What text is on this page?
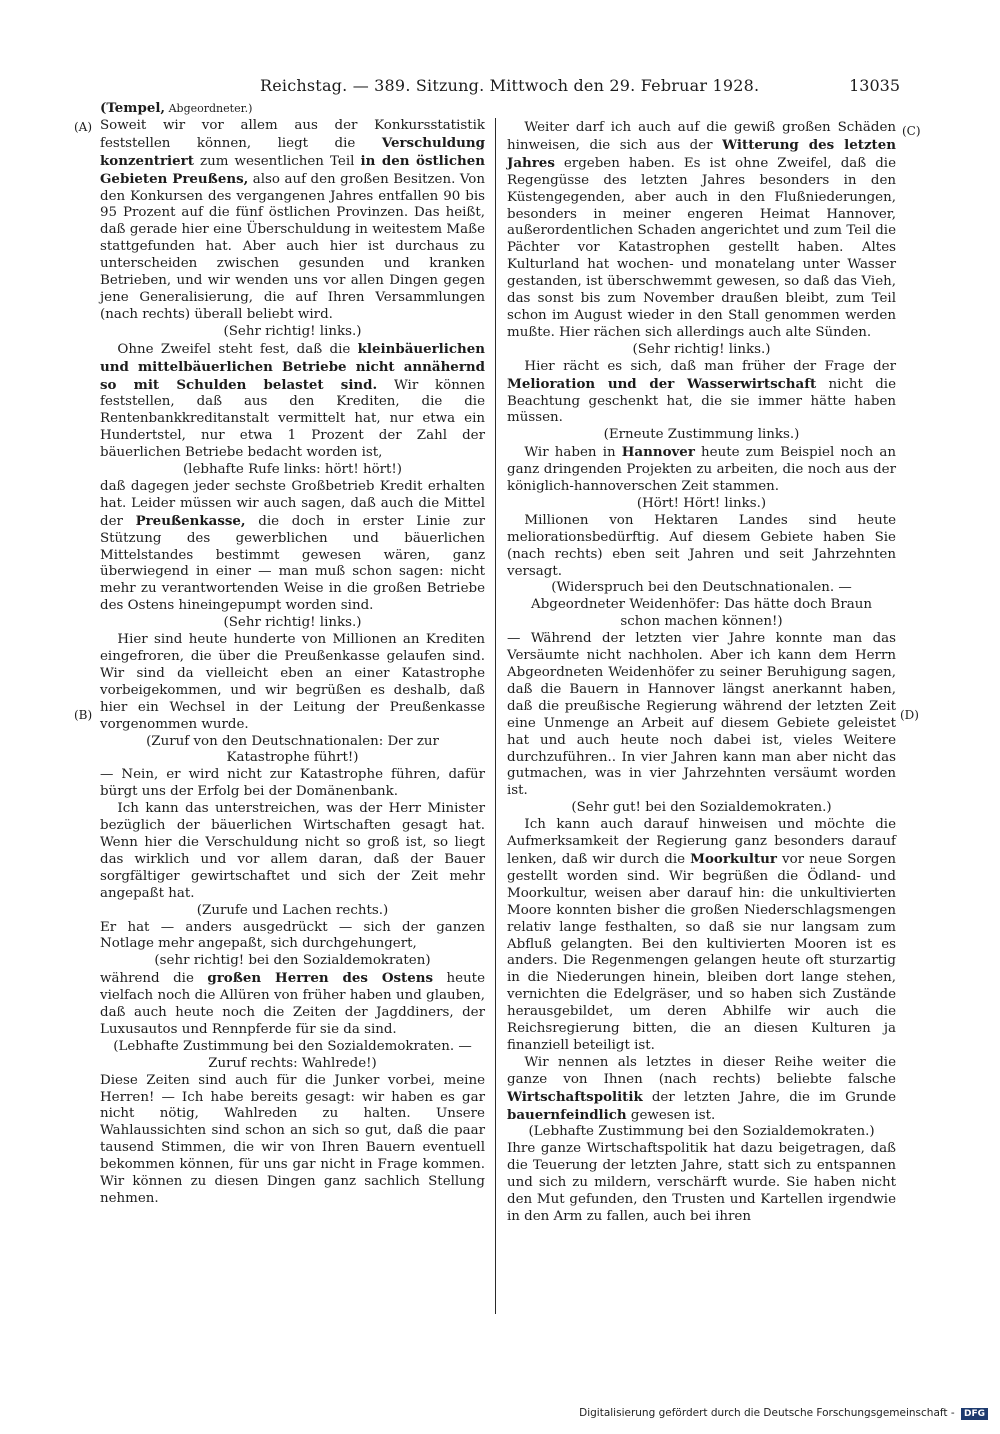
Reichstag. — 389. Sitzung. Mittwoch den 29. Februar 1928.	13035
(A)
(B)
(C)
(D)

(Tempel, Abgeordneter.)

Soweit wir vor allem aus der Konkursstatistik feststellen können, liegt die Verschuldung konzentriert zum wesentlichen Teil in den östlichen Gebieten Preußens, also auf den großen Besitzen. Von den Konkursen des vergangenen Jahres entfallen 90 bis 95 Prozent auf die fünf östlichen Provinzen. Das heißt, daß gerade hier eine Überschuldung in weitestem Maße stattgefunden hat. Aber auch hier ist durchaus zu unterscheiden zwischen gesunden und kranken Betrieben, und wir wenden uns vor allen Dingen gegen jene Generalisierung, die auf Ihren Versammlungen (nach rechts) überall beliebt wird.

(Sehr richtig! links.)

Ohne Zweifel steht fest, daß die kleinbäuerlichen und mittelbäuerlichen Betriebe nicht annähernd so mit Schulden belastet sind. Wir können feststellen, daß aus den Krediten, die die Rentenbankkreditanstalt vermittelt hat, nur etwa ein Hundertstel, nur etwa 1 Prozent der Zahl der bäuerlichen Betriebe bedacht worden ist,

(lebhafte Rufe links: hört! hört!)

daß dagegen jeder sechste Großbetrieb Kredit erhalten hat. Leider müssen wir auch sagen, daß auch die Mittel der Preußenkasse, die doch in erster Linie zur Stützung des gewerblichen und bäuerlichen Mittelstandes bestimmt gewesen wären, ganz überwiegend in einer — man muß schon sagen: nicht mehr zu verantwortenden Weise in die großen Betriebe des Ostens hineingepumpt worden sind.

(Sehr richtig! links.)

Hier sind heute hunderte von Millionen an Krediten eingefroren, die über die Preußenkasse gelaufen sind. Wir sind da vielleicht eben an einer Katastrophe vorbeigekommen, und wir begrüßen es deshalb, daß hier ein Wechsel in der Leitung der Preußenkasse vorgenommen wurde.

(Zuruf von den Deutschnationalen: Der zur Katastrophe führt!)

— Nein, er wird nicht zur Katastrophe führen, dafür bürgt uns der Erfolg bei der Domänenbank.

Ich kann das unterstreichen, was der Herr Minister bezüglich der bäuerlichen Wirtschaften gesagt hat. Wenn hier die Verschuldung nicht so groß ist, so liegt das wirklich und vor allem daran, daß der Bauer sorgfältiger gewirtschaftet und sich der Zeit mehr angepaßt hat.

(Zurufe und Lachen rechts.)

Er hat — anders ausgedrückt — sich der ganzen Notlage mehr angepaßt, sich durchgehungert,

(sehr richtig! bei den Sozialdemokraten)

während die großen Herren des Ostens heute vielfach noch die Allüren von früher haben und glauben, daß auch heute noch die Zeiten der Jagddiners, der Luxusautos und Rennpferde für sie da sind.

(Lebhafte Zustimmung bei den Sozialdemokraten. — Zuruf rechts: Wahlrede!)

Diese Zeiten sind auch für die Junker vorbei, meine Herren! — Ich habe bereits gesagt: wir haben es gar nicht nötig, Wahlreden zu halten. Unsere Wahlaussichten sind schon an sich so gut, daß die paar tausend Stimmen, die wir von Ihren Bauern eventuell bekommen können, für uns gar nicht in Frage kommen. Wir können zu diesen Dingen ganz sachlich Stellung nehmen.

Weiter darf ich auch auf die gewiß großen Schäden hinweisen, die sich aus der Witterung des letzten Jahres ergeben haben. Es ist ohne Zweifel, daß die Regengüsse des letzten Jahres besonders in den Küstengegenden, aber auch in den Flußniederungen, besonders in meiner engeren Heimat Hannover, außerordentlichen Schaden angerichtet und zum Teil die Pächter vor Katastrophen gestellt haben. Altes Kulturland hat wochen- und monatelang unter Wasser gestanden, ist überschwemmt gewesen, so daß das Vieh, das sonst bis zum November draußen bleibt, zum Teil schon im August wieder in den Stall genommen werden mußte. Hier rächen sich allerdings auch alte Sünden.

(Sehr richtig! links.)

Hier rächt es sich, daß man früher der Frage der Melioration und der Wasserwirtschaft nicht die Beachtung geschenkt hat, die sie immer hätte haben müssen.

(Erneute Zustimmung links.)

Wir haben in Hannover heute zum Beispiel noch an ganz dringenden Projekten zu arbeiten, die noch aus der königlich-hannoverschen Zeit stammen.

(Hört! Hört! links.)

Millionen von Hektaren Landes sind heute meliorationsbedürftig. Auf diesem Gebiete haben Sie (nach rechts) eben seit Jahren und seit Jahrzehnten versagt.

(Widerspruch bei den Deutschnationalen. — Abgeordneter Weidenhöfer: Das hätte doch Braun schon machen können!)

— Während der letzten vier Jahre konnte man das Versäumte nicht nachholen. Aber ich kann dem Herrn Abgeordneten Weidenhöfer zu seiner Beruhigung sagen, daß die Bauern in Hannover längst anerkannt haben, daß die preußische Regierung während der letzten Zeit eine Unmenge an Arbeit auf diesem Gebiete geleistet hat und auch heute noch dabei ist, vieles Weitere durchzuführen.. In vier Jahren kann man aber nicht das gutmachen, was in vier Jahrzehnten versäumt worden ist.

(Sehr gut! bei den Sozialdemokraten.)

Ich kann auch darauf hinweisen und möchte die Aufmerksamkeit der Regierung ganz besonders darauf lenken, daß wir durch die Moorkultur vor neue Sorgen gestellt worden sind. Wir begrüßen die Ödland- und Moorkultur, weisen aber darauf hin: die unkultivierten Moore konnten bisher die großen Niederschlagsmengen relativ lange festhalten, so daß sie nur langsam zum Abfluß gelangten. Bei den kultivierten Mooren ist es anders. Die Regenmengen gelangen heute oft sturzartig in die Niederungen hinein, bleiben dort lange stehen, vernichten die Edelgräser, und so haben sich Zustände herausgebildet, um deren Abhilfe wir auch die Reichsregierung bitten, die an diesen Kulturen ja finanziell beteiligt ist.

Wir nennen als letztes in dieser Reihe weiter die ganze von Ihnen (nach rechts) beliebte falsche Wirtschaftspolitik der letzten Jahre, die im Grunde bauernfeindlich gewesen ist.

(Lebhafte Zustimmung bei den Sozialdemokraten.)

Ihre ganze Wirtschaftspolitik hat dazu beigetragen, daß die Teuerung der letzten Jahre, statt sich zu entspannen und sich zu mildern, verschärft wurde. Sie haben nicht den Mut gefunden, den Trusten und Kartellen irgendwie in den Arm zu fallen, auch bei ihren

Digitalisierung gefördert durch die Deutsche Forschungsgemeinschaft - DFG
